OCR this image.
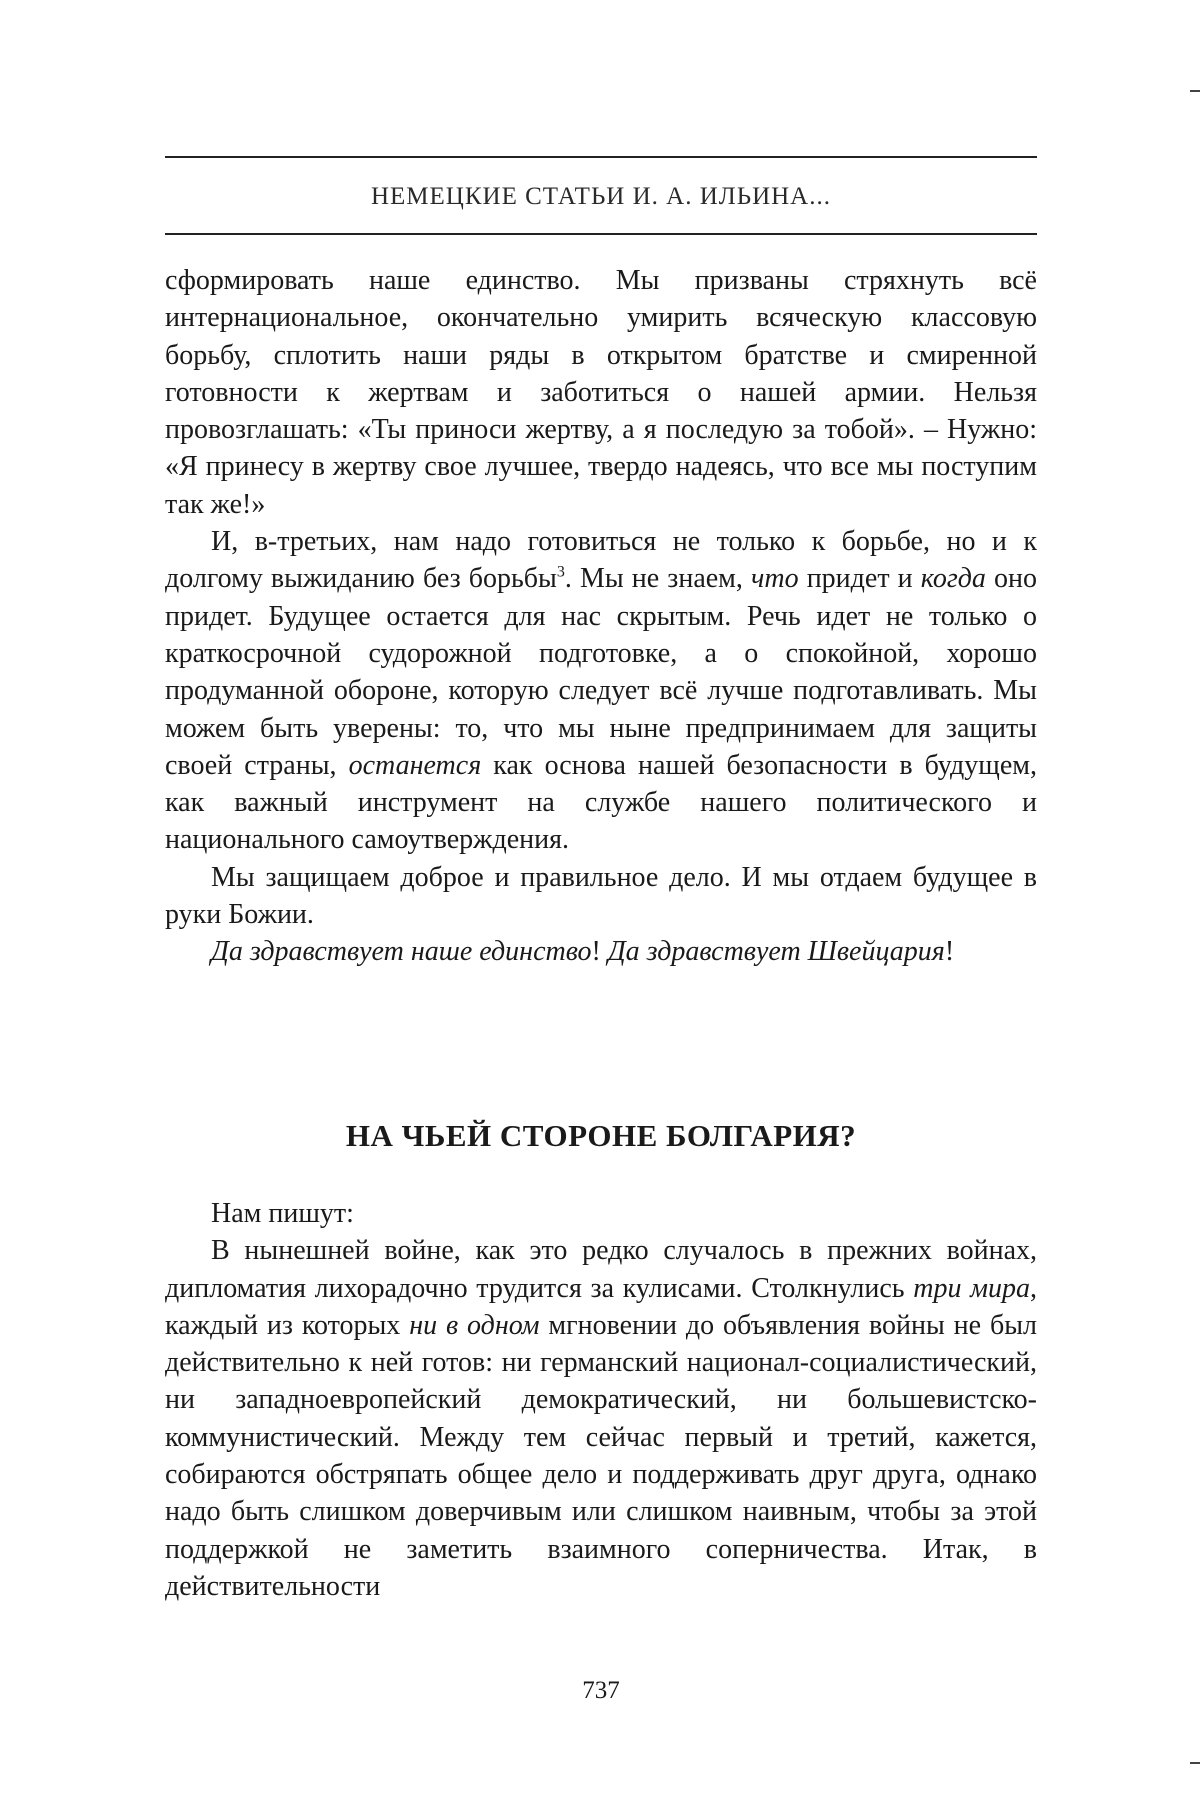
НЕМЕЦКИЕ СТАТЬИ И. А. ИЛЬИНА...

сформировать наше единство. Мы призваны стряхнуть всё интернациональное, окончательно умирить всяческую классовую борьбу, сплотить наши ряды в открытом братстве и смиренной готовности к жертвам и заботиться о нашей армии. Нельзя провозглашать: «Ты приноси жертву, а я последую за тобой». – Нужно: «Я принесу в жертву свое лучшее, твердо надеясь, что все мы поступим так же!»

И, в-третьих, нам надо готовиться не только к борьбе, но и к долгому выжиданию без борьбы$^3$. Мы не знаем, что придет и когда оно придет. Будущее остается для нас скрытым. Речь идет не только о краткосрочной судорожной подготовке, а о спокойной, хорошо продуманной обороне, которую следует всё лучше подготавливать. Мы можем быть уверены: то, что мы ныне предпринимаем для защиты своей страны, останется как основа нашей безопасности в будущем, как важный инструмент на службе нашего политического и национального самоутверждения.

Мы защищаем доброе и правильное дело. И мы отдаем будущее в руки Божии.

Да здравствует наше единство! Да здравствует Швейцария!

НА ЧЬЕЙ СТОРОНЕ БОЛГАРИЯ?

Нам пишут:

В нынешней войне, как это редко случалось в прежних войнах, дипломатия лихорадочно трудится за кулисами. Столкнулись три мира, каждый из которых ни в одном мгновении до объявления войны не был действительно к ней готов: ни германский национал-социалистический, ни западноевропейский демократический, ни большевистско-коммунистический. Между тем сейчас первый и третий, кажется, собираются обстряпать общее дело и поддерживать друг друга, однако надо быть слишком доверчивым или слишком наивным, чтобы за этой поддержкой не заметить взаимного соперничества. Итак, в действительности

737
